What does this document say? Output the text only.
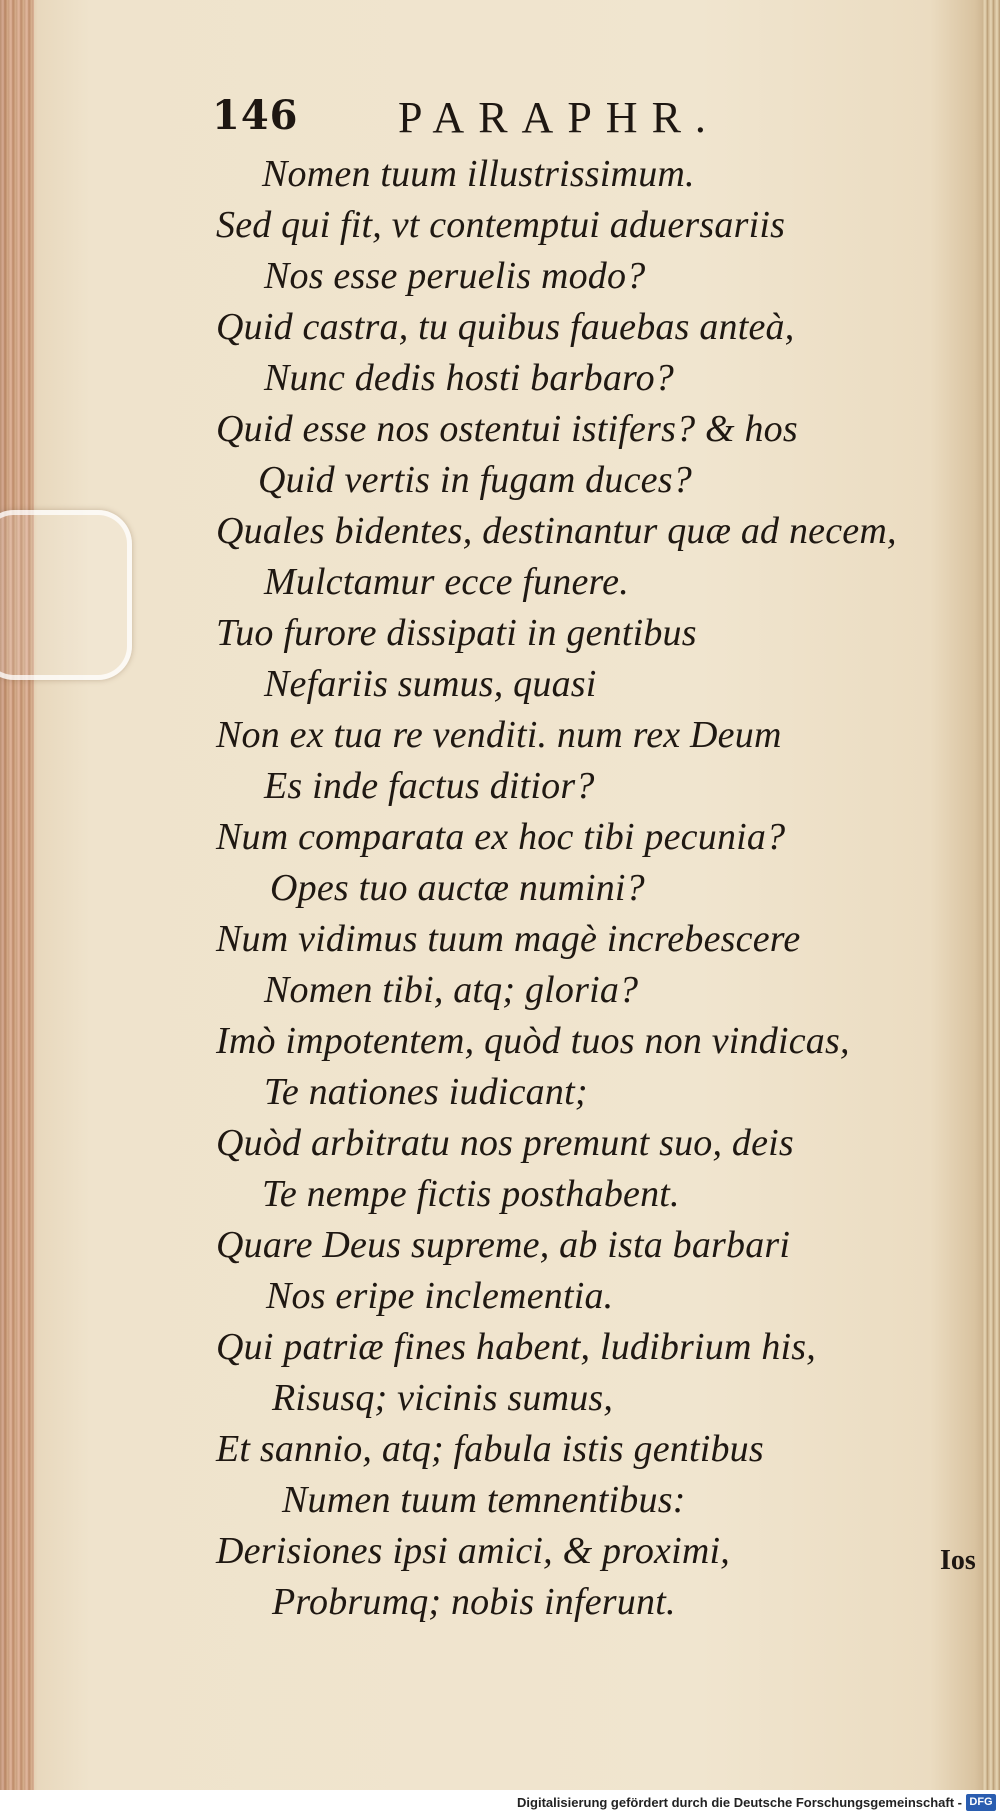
146 PARAPHR.
Nomen tuum illustrissimum.
Sed qui fit, vt contemptui aduersariis
Nos esse peruelis modo?
Quid castra, tu quibus fauebas anteà,
Nunc dedis hosti barbaro?
Quid esse nos ostentui istifers? & hos
Quid vertis in fugam duces?
Quales bidentes, destinantur quæ ad necem,
Mulctamur ecce funere.
Tuo furore dissipati in gentibus
Nefariis sumus, quasi
Non ex tua re venditi. num rex Deum
Es inde factus ditior?
Num comparata ex hoc tibi pecunia?
Opes tuo auctæ numini?
Num vidimus tuum magè increbescere
Nomen tibi, atq; gloria?
Imò impotentem, quòd tuos non vindicas,
Te nationes iudicant;
Quòd arbitratu nos premunt suo, deis
Te nempe fictis posthabent.
Quare Deus supreme, ab ista barbari
Nos eripe inclementia.
Qui patriæ fines habent, ludibrium his,
Risusq; vicinis sumus,
Et sannio, atq; fabula istis gentibus
Numen tuum temnentibus:
Derisiones ipsi amici, & proximi,
Probrumq; nobis inferunt.
Ios
Digitalisierung gefördert durch die Deutsche Forschungsgemeinschaft - DFG
